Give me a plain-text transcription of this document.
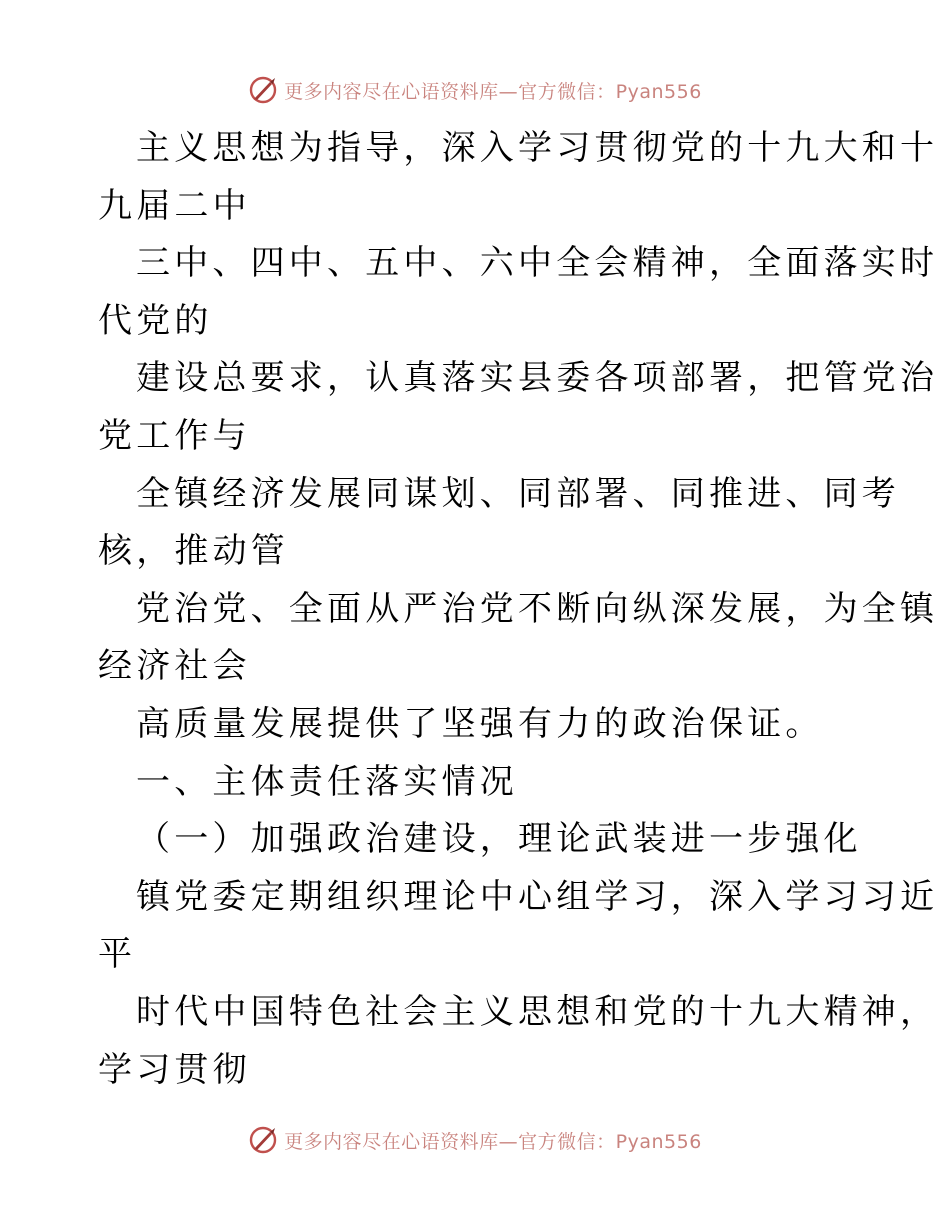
更多内容尽在心语资料库—官方微信：Pyan556
主义思想为指导，深入学习贯彻党的十九大和十
九届二中
三中、四中、五中、六中全会精神，全面落实时
代党的
建设总要求，认真落实县委各项部署，把管党治
党工作与
全镇经济发展同谋划、同部署、同推进、同考
核，推动管
党治党、全面从严治党不断向纵深发展，为全镇
经济社会
高质量发展提供了坚强有力的政治保证。
一、主体责任落实情况
（一）加强政治建设，理论武装进一步强化
镇党委定期组织理论中心组学习，深入学习习近
平
时代中国特色社会主义思想和党的十九大精神，
学习贯彻
更多内容尽在心语资料库—官方微信：Pyan556
